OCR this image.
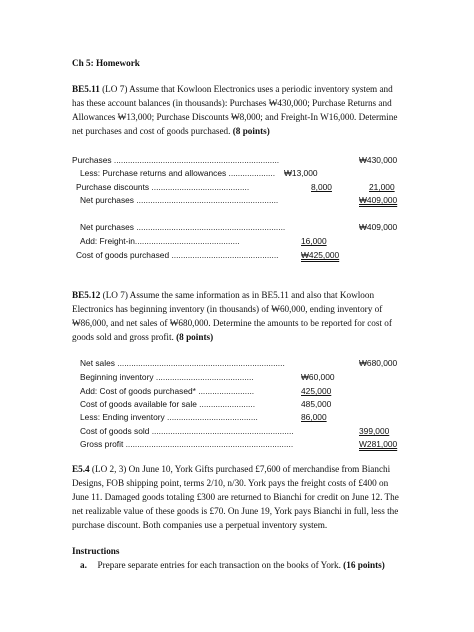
Ch 5: Homework
BE5.11 (LO 7) Assume that Kowloon Electronics uses a periodic inventory system and has these account balances (in thousands): Purchases ₩430,000; Purchase Returns and Allowances ₩13,000; Purchase Discounts ₩8,000; and Freight-In W16,000. Determine net purchases and cost of goods purchased. (8 points)
Purchases .......................................................................	₩430,000
Less: Purchase returns and allowances .................... ₩13,000
Purchase discounts ..........................................	8,000	21,000
Net purchases .............................................................	₩409,000
Net purchases ................................................................	₩409,000
Add: Freight-in.............................................	16,000
Cost of goods purchased ..............................................	₩425,000
BE5.12 (LO 7) Assume the same information as in BE5.11 and also that Kowloon Electronics has beginning inventory (in thousands) of ₩60,000, ending inventory of ₩86,000, and net sales of ₩680,000. Determine the amounts to be reported for cost of goods sold and gross profit. (8 points)
Net sales ........................................................................	₩680,000
Beginning inventory ..........................................	₩60,000
Add: Cost of goods purchased* ........................	425,000
Cost of goods available for sale ........................	485,000
Less: Ending inventory .......................................	86,000
Cost of goods sold .............................................................	399,000
Gross profit ........................................................................	W281,000
E5.4 (LO 2, 3) On June 10, York Gifts purchased £7,600 of merchandise from Bianchi Designs, FOB shipping point, terms 2/10, n/30. York pays the freight costs of £400 on June 11. Damaged goods totaling £300 are returned to Bianchi for credit on June 12. The net realizable value of these goods is £70. On June 19, York pays Bianchi in full, less the purchase discount. Both companies use a perpetual inventory system.
Instructions
a. Prepare separate entries for each transaction on the books of York. (16 points)
